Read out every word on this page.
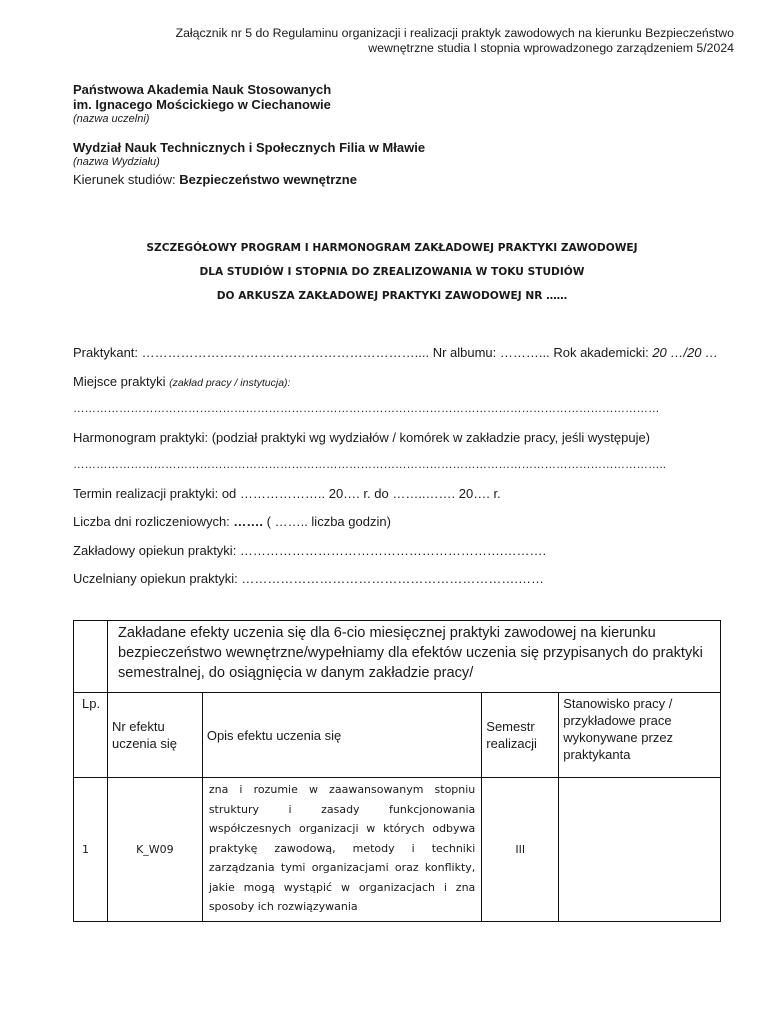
Załącznik nr 5 do Regulaminu organizacji i realizacji praktyk zawodowych na kierunku Bezpieczeństwo
wewnętrzne studia I stopnia wprowadzonego zarządzeniem 5/2024
Państwowa Akademia Nauk Stosowanych
im. Ignacego Mościckiego w Ciechanowie
(nazwa uczelni)
Wydział Nauk Technicznych i Społecznych Filia w Mławie
(nazwa Wydziału)
Kierunek studiów: Bezpieczeństwo wewnętrzne
SZCZEGÓŁOWY PROGRAM I HARMONOGRAM ZAKŁADOWEJ PRAKTYKI ZAWODOWEJ
DLA STUDIÓW I STOPNIA DO ZREALIZOWANIA W TOKU STUDIÓW
DO ARKUSZA ZAKŁADOWEJ PRAKTYKI ZAWODOWEJ NR ……
Praktykant: ……………………………………………………….... Nr albumu: ………... Rok akademicki: 20 …/20 …
Miejsce praktyki (zakład pracy / instytucja):
………………………………………………………………………………………………………………………………………
Harmonogram praktyki: (podział praktyki wg wydziałów / komórek w zakładzie pracy, jeśli występuje)
………………………………………………………………………………………………………………………………………..
Termin realizacji praktyki: od ……………….. 20…. r. do ……..……. 20…. r.
Liczba dni rozliczeniowych: ……. ( …….. liczba godzin)
Zakładowy opiekun praktyki: …………………………………………………….……….
Uczelniany opiekun praktyki: ……………………………………………………….……
	Zakładane efekty uczenia się dla 6-cio miesięcznej praktyki zawodowej na kierunku bezpieczeństwo wewnętrzne/wypełniamy dla efektów uczenia się przypisanych do praktyki semestralnej, do osiągnięcia w danym zakładzie pracy/			
Lp.	Nr efektu uczenia się	Opis efektu uczenia się	Semestr realizacji	Stanowisko pracy / przykładowe prace wykonywane przez praktykanta
1	K_W09	zna i rozumie w zaawansowanym stopniu struktury i zasady funkcjonowania współczesnych organizacji w których odbywa praktykę zawodową, metody i techniki zarządzania tymi organizacjami oraz konflikty, jakie mogą wystąpić w organizacjach i zna sposoby ich rozwiązywania	III	
